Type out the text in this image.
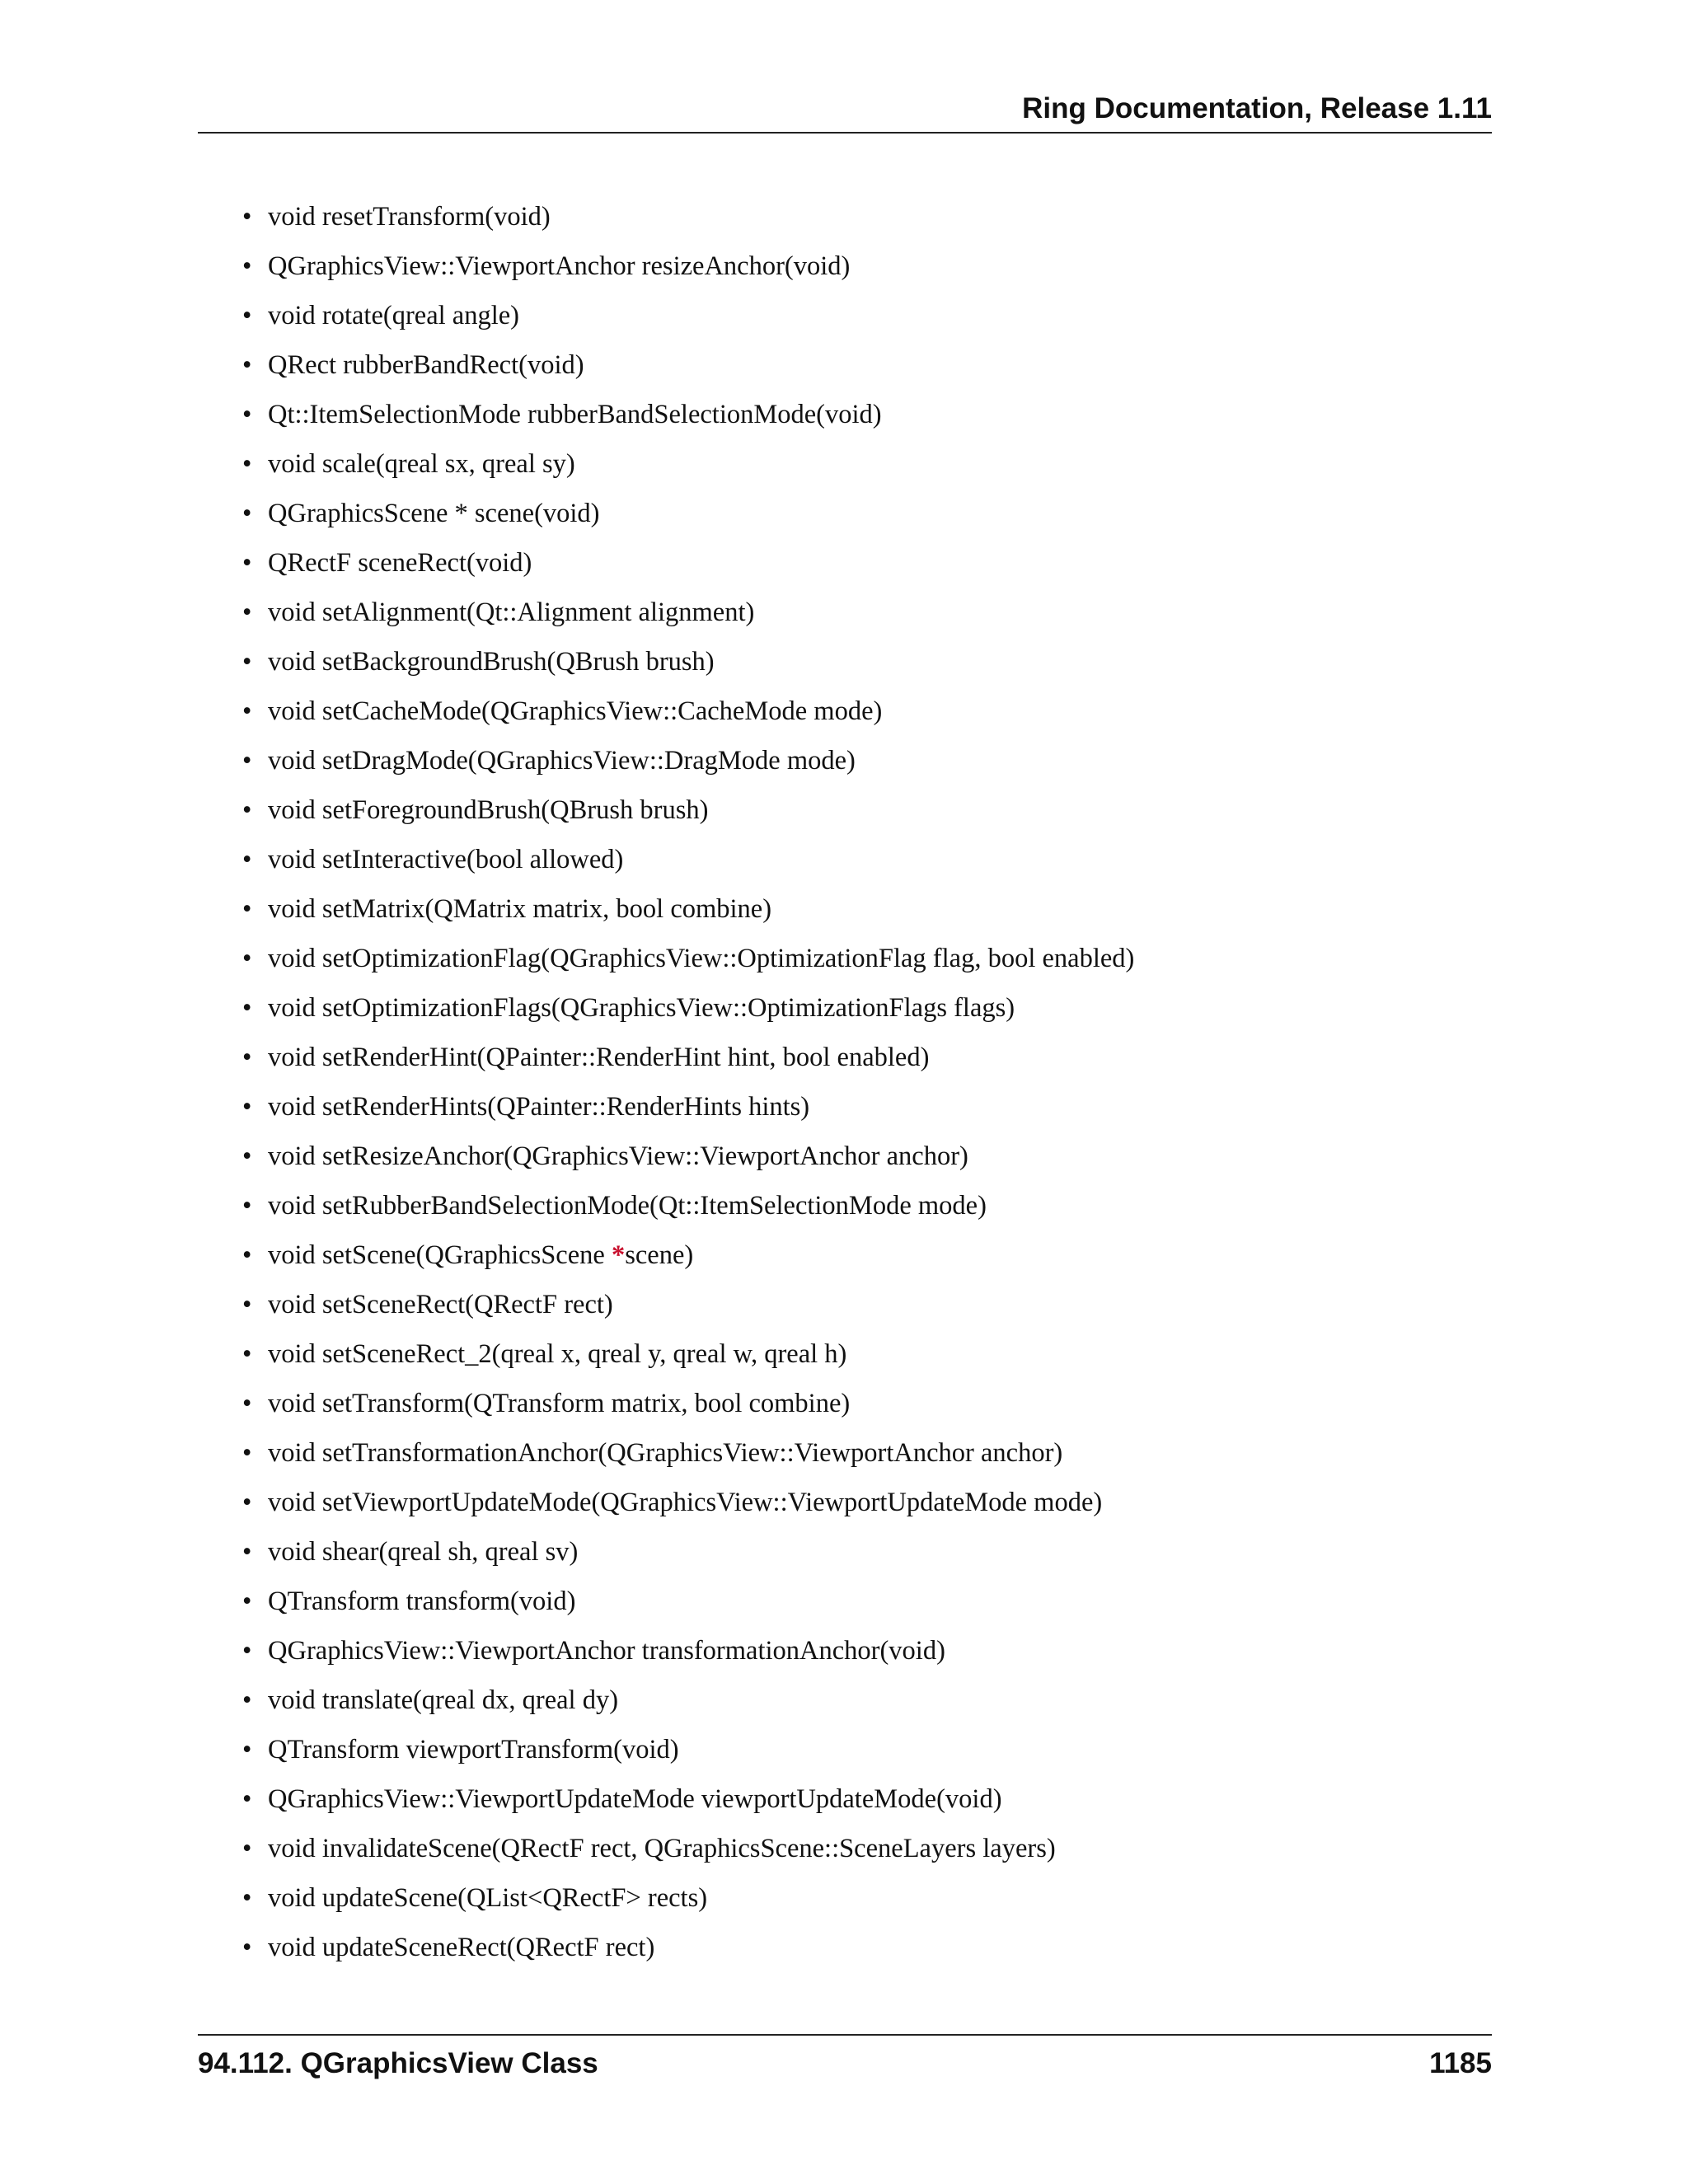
Ring Documentation, Release 1.11
• void resetTransform(void)
• QGraphicsView::ViewportAnchor resizeAnchor(void)
• void rotate(qreal angle)
• QRect rubberBandRect(void)
• Qt::ItemSelectionMode rubberBandSelectionMode(void)
• void scale(qreal sx, qreal sy)
• QGraphicsScene * scene(void)
• QRectF sceneRect(void)
• void setAlignment(Qt::Alignment alignment)
• void setBackgroundBrush(QBrush brush)
• void setCacheMode(QGraphicsView::CacheMode mode)
• void setDragMode(QGraphicsView::DragMode mode)
• void setForegroundBrush(QBrush brush)
• void setInteractive(bool allowed)
• void setMatrix(QMatrix matrix, bool combine)
• void setOptimizationFlag(QGraphicsView::OptimizationFlag flag, bool enabled)
• void setOptimizationFlags(QGraphicsView::OptimizationFlags flags)
• void setRenderHint(QPainter::RenderHint hint, bool enabled)
• void setRenderHints(QPainter::RenderHints hints)
• void setResizeAnchor(QGraphicsView::ViewportAnchor anchor)
• void setRubberBandSelectionMode(Qt::ItemSelectionMode mode)
• void setScene(QGraphicsScene *scene)
• void setSceneRect(QRectF rect)
• void setSceneRect_2(qreal x, qreal y, qreal w, qreal h)
• void setTransform(QTransform matrix, bool combine)
• void setTransformationAnchor(QGraphicsView::ViewportAnchor anchor)
• void setViewportUpdateMode(QGraphicsView::ViewportUpdateMode mode)
• void shear(qreal sh, qreal sv)
• QTransform transform(void)
• QGraphicsView::ViewportAnchor transformationAnchor(void)
• void translate(qreal dx, qreal dy)
• QTransform viewportTransform(void)
• QGraphicsView::ViewportUpdateMode viewportUpdateMode(void)
• void invalidateScene(QRectF rect, QGraphicsScene::SceneLayers layers)
• void updateScene(QList<QRectF> rects)
• void updateSceneRect(QRectF rect)
94.112. QGraphicsView Class	1185
